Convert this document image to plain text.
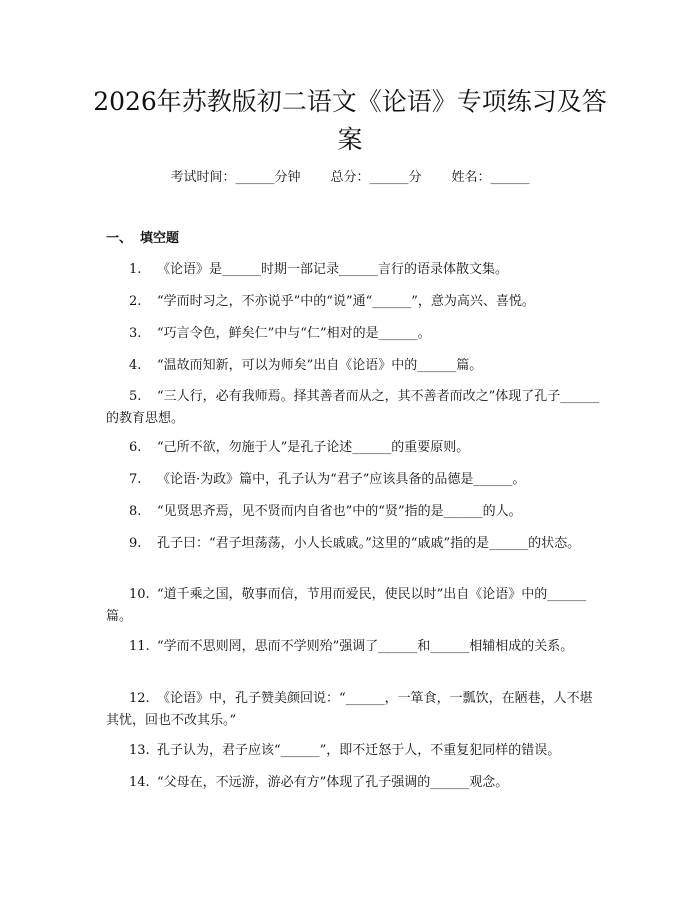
2026年苏教版初二语文《论语》专项练习及答案
考试时间：______分钟 总分：______分 姓名：______
一、 填空题
1. 《论语》是______时期一部记录______言行的语录体散文集。
2. “学而时习之，不亦说乎”中的“说”通“______”，意为高兴、喜悦。
3. “巧言令色，鲜矣仁”中与“仁”相对的是______。
4. “温故而知新，可以为师矣”出自《论语》中的______篇。
5. “三人行，必有我师焉。择其善者而从之，其不善者而改之”体现了孔子______的教育思想。
6. “己所不欲，勿施于人”是孔子论述______的重要原则。
7. 《论语·为政》篇中，孔子认为“君子”应该具备的品德是______。
8. “见贤思齐焉，见不贤而内自省也”中的“贤”指的是______的人。
9. 孔子曰：“君子坦荡荡，小人长戚戚。”这里的“戚戚”指的是______的状态。
10. “道千乘之国，敬事而信，节用而爱民，使民以时”出自《论语》中的______篇。
11. “学而不思则罔，思而不学则殆”强调了______和______相辅相成的关系。
12. 《论语》中，孔子赞美颜回说：“______，一箪食，一瓢饮，在陋巷，人不堪其忧，回也不改其乐。”
13. 孔子认为，君子应该“______”，即不迁怒于人，不重复犯同样的错误。
14. “父母在，不远游，游必有方”体现了孔子强调的______观念。
